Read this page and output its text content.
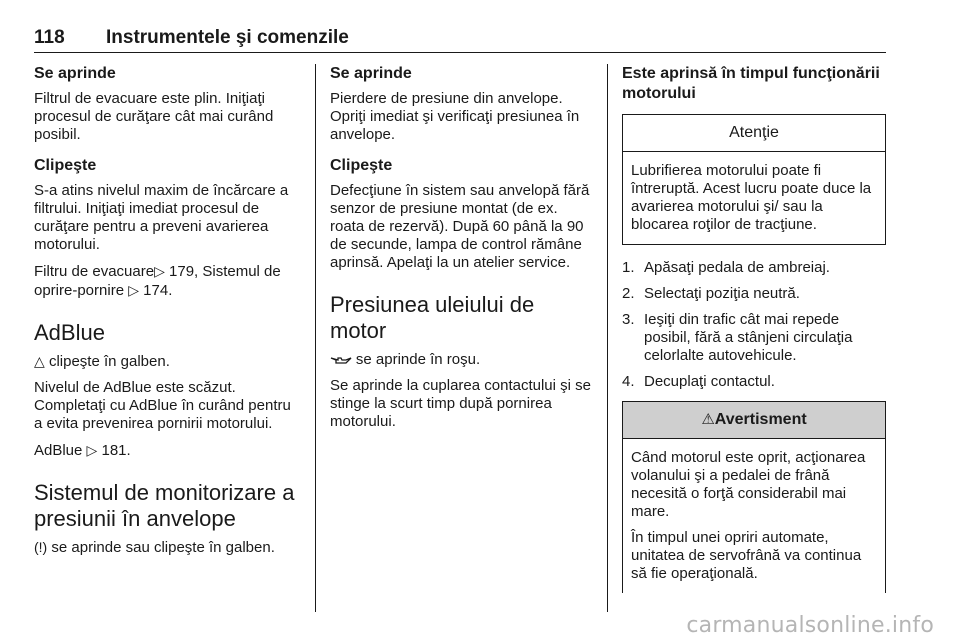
118 Instrumentele şi comenzile
Se aprinde
Filtrul de evacuare este plin. Iniţiaţi procesul de curăţare cât mai curând posibil.
Clipeşte
S-a atins nivelul maxim de încărcare a filtrului. Iniţiaţi imediat procesul de curăţare pentru a preveni avarierea motorului.
Filtru de evacuare▷ 179, Sistemul de oprire-pornire ▷ 174.
AdBlue
△ clipeşte în galben.
Nivelul de AdBlue este scăzut. Completaţi cu AdBlue în curând pentru a evita prevenirea pornirii motorului.
AdBlue ▷ 181.
Sistemul de monitorizare a presiunii în anvelope
(!) se aprinde sau clipeşte în galben.
Se aprinde
Pierdere de presiune din anvelope. Opriţi imediat şi verificaţi presiunea în anvelope.
Clipeşte
Defecţiune în sistem sau anvelopă fără senzor de presiune montat (de ex. roata de rezervă). După 60 până la 90 de secunde, lampa de control rămâne aprinsă. Apelaţi la un atelier service.
Presiunea uleiului de motor
se aprinde în roşu.
Se aprinde la cuplarea contactului şi se stinge la scurt timp după pornirea motorului.
Este aprinsă în timpul funcţionării motorului
Atenţie
Lubrifierea motorului poate fi întreruptă. Acest lucru poate duce la avarierea motorului şi/ sau la blocarea roţilor de tracţiune.
1. Apăsaţi pedala de ambreiaj.
2. Selectaţi poziţia neutră.
3. Ieşiţi din trafic cât mai repede posibil, fără a stânjeni circulaţia celorlalte autovehicule.
4. Decuplaţi contactul.
⚠Avertisment
Când motorul este oprit, acţionarea volanului şi a pedalei de frână necesită o forţă considerabil mai mare.
În timpul unei opriri automate, unitatea de servofrână va continua să fie operaţională.
carmanualsonline.info
